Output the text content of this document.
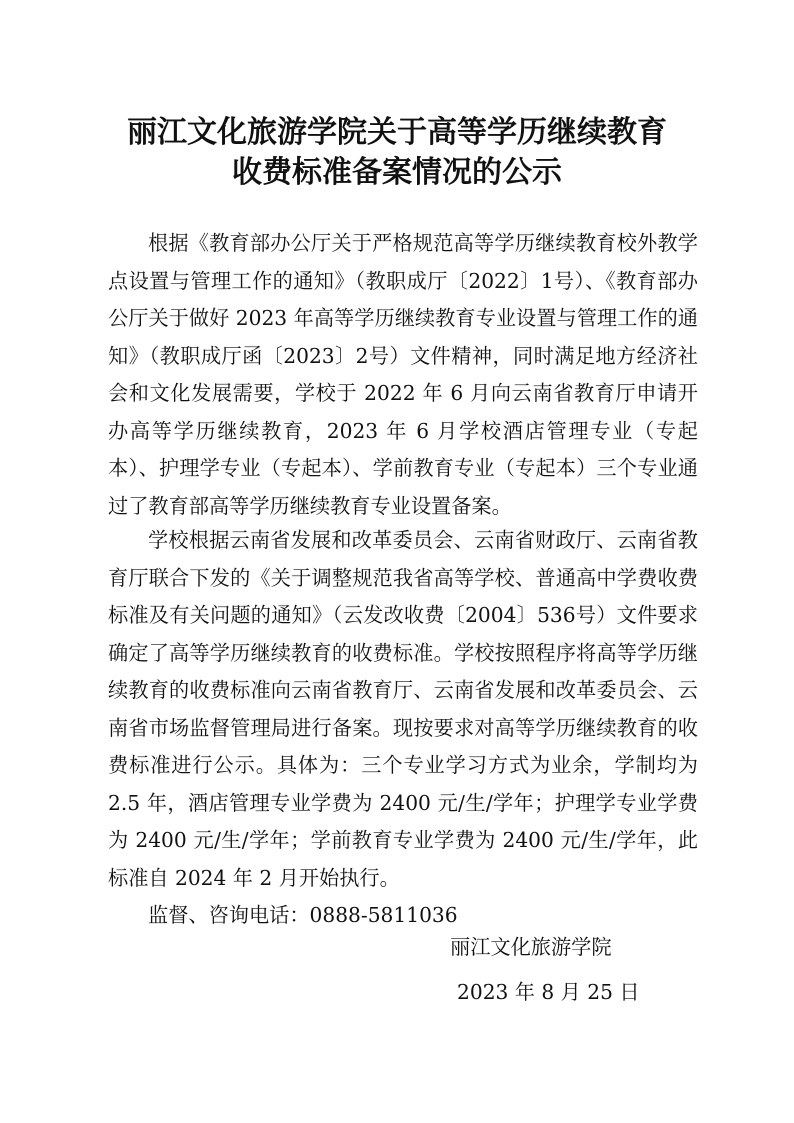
丽江文化旅游学院关于高等学历继续教育
收费标准备案情况的公示

根据《教育部办公厅关于严格规范高等学历继续教育校外教学点设置与管理工作的通知》（教职成厅〔2022〕1号）、《教育部办公厅关于做好 2023 年高等学历继续教育专业设置与管理工作的通知》（教职成厅函〔2023〕2号）文件精神，同时满足地方经济社会和文化发展需要，学校于 2022 年 6 月向云南省教育厅申请开办高等学历继续教育，2023 年 6 月学校酒店管理专业（专起本）、护理学专业（专起本）、学前教育专业（专起本）三个专业通过了教育部高等学历继续教育专业设置备案。

学校根据云南省发展和改革委员会、云南省财政厅、云南省教育厅联合下发的《关于调整规范我省高等学校、普通高中学费收费标准及有关问题的通知》（云发改收费〔2004〕536号）文件要求确定了高等学历继续教育的收费标准。学校按照程序将高等学历继续教育的收费标准向云南省教育厅、云南省发展和改革委员会、云南省市场监督管理局进行备案。现按要求对高等学历继续教育的收费标准进行公示。具体为：三个专业学习方式为业余，学制均为 2.5 年，酒店管理专业学费为 2400 元/生/学年；护理学专业学费为 2400 元/生/学年；学前教育专业学费为 2400 元/生/学年，此标准自 2024 年 2 月开始执行。

监督、咨询电话：0888-5811036
丽江文化旅游学院
2023 年 8 月 25 日
